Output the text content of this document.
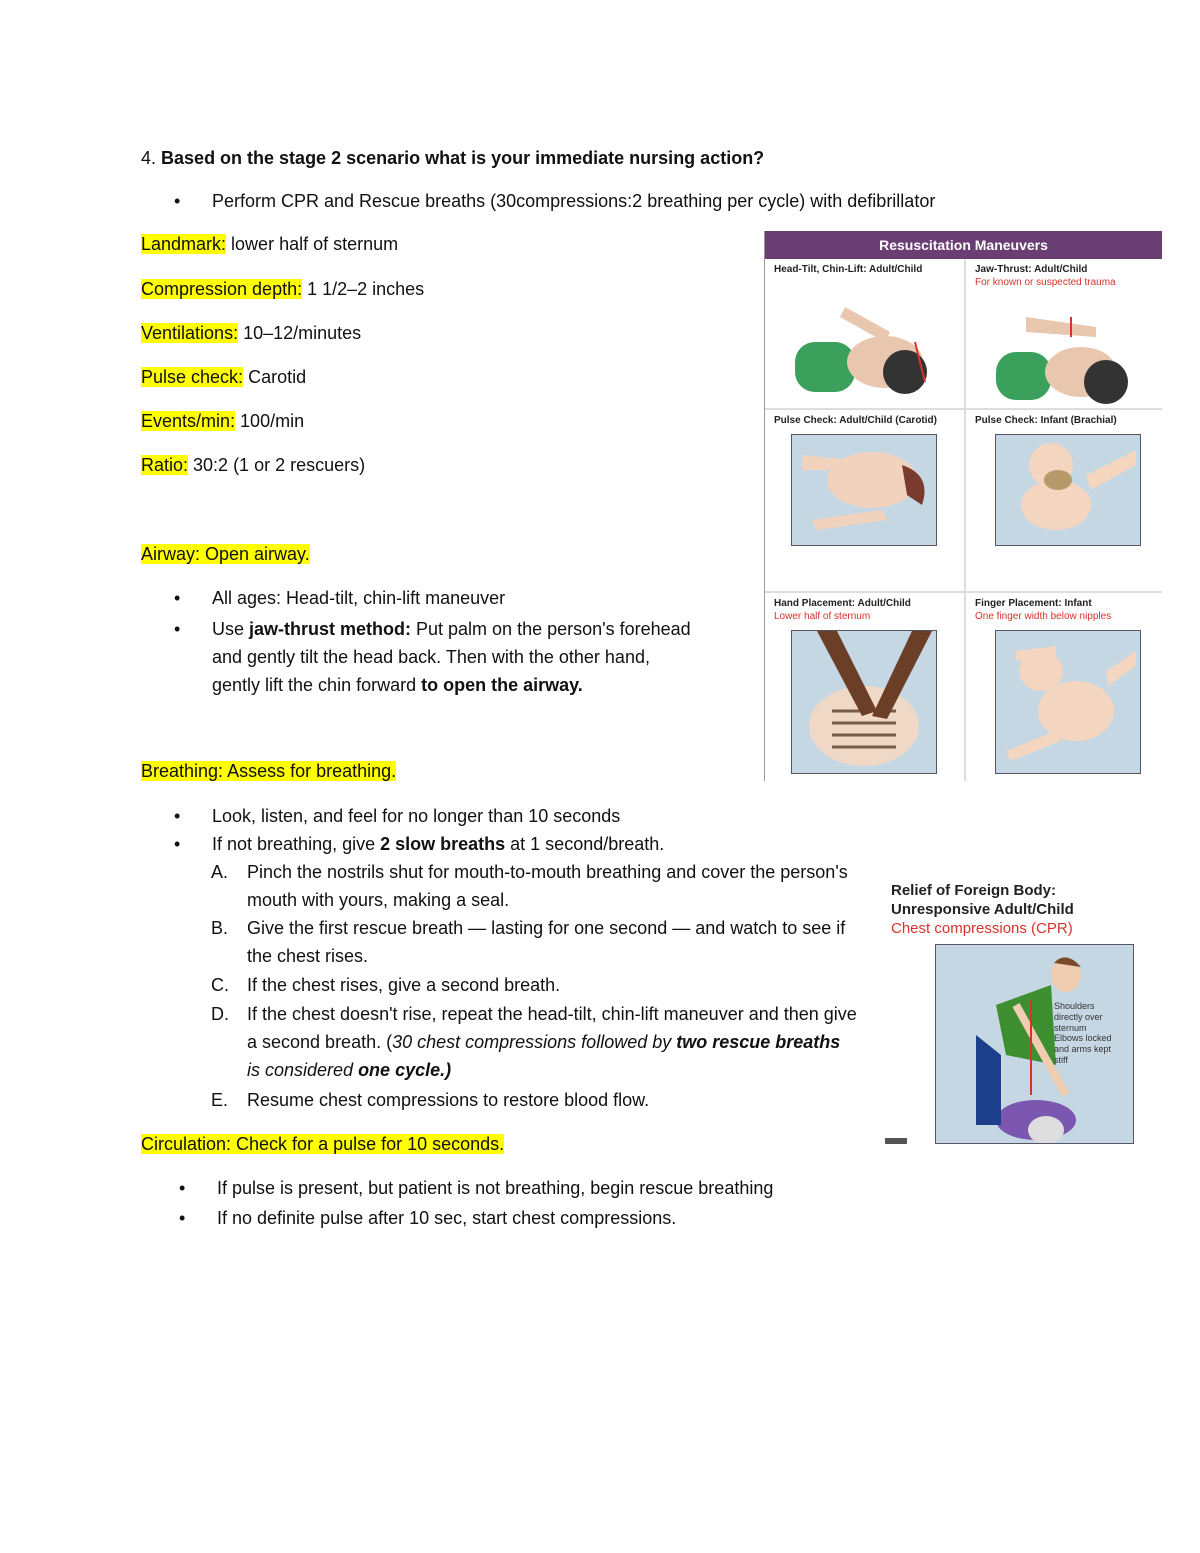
4. Based on the stage 2 scenario what is your immediate nursing action?
• Perform CPR and Rescue breaths (30compressions:2 breathing per cycle) with defibrillator
Landmark: lower half of sternum
Compression depth: 1 1/2–2 inches
Ventilations: 10–12/minutes
Pulse check: Carotid
Events/min: 100/min
Ratio: 30:2 (1 or 2 rescuers)
Airway: Open airway.
• All ages: Head-tilt, chin-lift maneuver
• Use jaw-thrust method: Put palm on the person's forehead
and gently tilt the head back. Then with the other hand,
gently lift the chin forward to open the airway.
Breathing: Assess for breathing.
• Look, listen, and feel for no longer than 10 seconds
• If not breathing, give 2 slow breaths at 1 second/breath.
A. Pinch the nostrils shut for mouth-to-mouth breathing and cover the person's mouth with yours, making a seal.
B. Give the first rescue breath — lasting for one second — and watch to see if the chest rises.
C. If the chest rises, give a second breath.
D. If the chest doesn't rise, repeat the head-tilt, chin-lift maneuver and then give a second breath. (30 chest compressions followed by two rescue breaths is considered one cycle.)
E. Resume chest compressions to restore blood flow.
Circulation: Check for a pulse for 10 seconds.
• If pulse is present, but patient is not breathing, begin rescue breathing
• If no definite pulse after 10 sec, start chest compressions.
Resuscitation Maneuvers
Head-Tilt, Chin-Lift: Adult/Child	Jaw-Thrust: Adult/Child
For known or suspected trauma
Pulse Check: Adult/Child (Carotid)	Pulse Check: Infant (Brachial)
Hand Placement: Adult/Child
Lower half of sternum
Finger Placement: Infant
One finger width below nipples
Relief of Foreign Body:
Unresponsive Adult/Child
Chest compressions (CPR)
Shoulders directly over sternum
Elbows locked and arms kept stiff
